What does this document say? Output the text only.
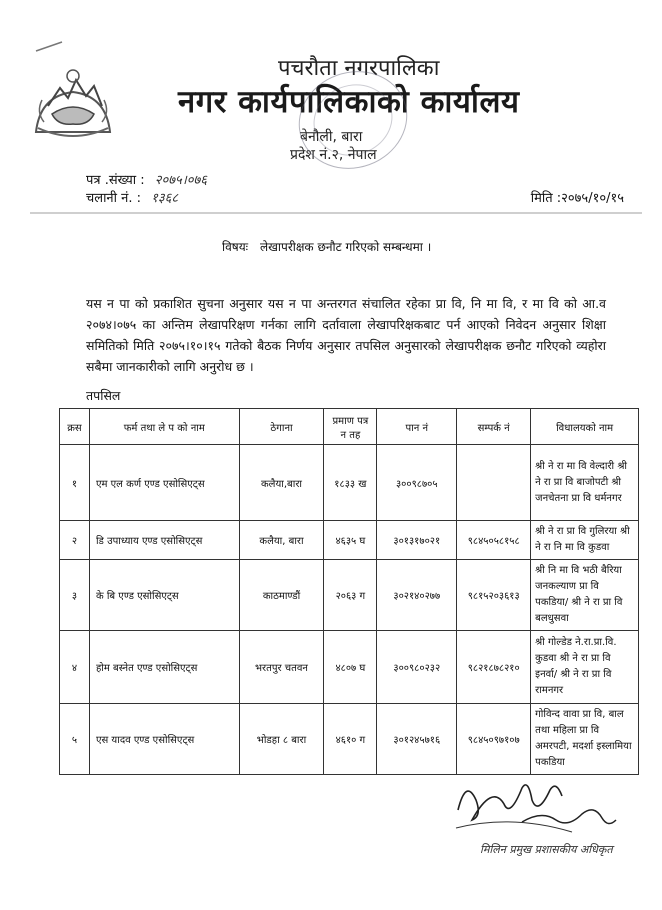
पचरौता नगरपालिका
नगर कार्यपालिकाको कार्यालय
बेनौली, बारा
प्रदेश नं.२, नेपाल
पत्र .संख्या : २०७५।०७६
चलानी नं. : १३६८	मिति :२०७५/१०/१५
विषयः लेखापरीक्षक छनौट गरिएको सम्बन्धमा ।
यस न पा को प्रकाशित सुचना अनुसार यस न पा अन्तरगत संचालित रहेका प्रा वि, नि मा वि, र मा वि को आ.व २०७४।०७५ का अन्तिम लेखापरिक्षण गर्नका लागि दर्तावाला लेखापरिक्षकबाट पर्न आएको निवेदन अनुसार शिक्षा समितिको मिति २०७५।१०।१५ गतेको बैठक निर्णय अनुसार तपसिल अनुसारको लेखापरीक्षक छनौट गरिएको व्यहोरा सबैमा जानकारीको लागि अनुरोध छ ।
तपसिल
क्रस	फर्म तथा ले प को नाम	ठेगाना	प्रमाण पत्र न तह	पान नं	सम्पर्क नं	विधालयको नाम
१	एम एल कर्ण एण्ड एसोसिएट्स	कलैया,बारा	१८३३ ख	३००९८७०५		श्री ने रा मा वि वेल्दारी श्री ने रा प्रा वि बाजोपटी श्री जनचेतना प्रा वि धर्मनगर
२	डि उपाध्याय एण्ड एसोसिएट्स	कलैया, बारा	४६३५ घ	३०१३१७०२१	९८४५०५८१५८	श्री ने रा प्रा वि गुलिरया श्री ने रा नि मा वि कुडवा
३	के बि एण्ड एसोसिएट्स	काठमाण्डौं	२०६३ ग	३०२१४०२७७	९८१५२०३६१३	श्री नि मा वि भठी बैरिया जनकल्याण प्रा वि पकडिया/ श्री ने रा प्रा वि बलधुसवा
४	होम बस्नेत एण्ड एसोसिएट्स	भरतपुर चतवन	४८०७ घ	३००९८०२३२	९८२१८७८२१०	श्री गोल्डेड ने.रा.प्रा.वि. कुडवा श्री ने रा प्रा वि इनर्वा/ श्री ने रा प्रा वि रामनगर
५	एस यादव एण्ड एसोसिएट्स	भोडहा ८ बारा	४६१० ग	३०१२४५७१६	९८४५०९७१०७	गोविन्द वावा प्रा वि, बाल तथा महिला प्रा वि अमरपटी, मदर्शा इस्लामिया पकडिया
मिलिन प्रमुख प्रशासकीय अधिकृत
